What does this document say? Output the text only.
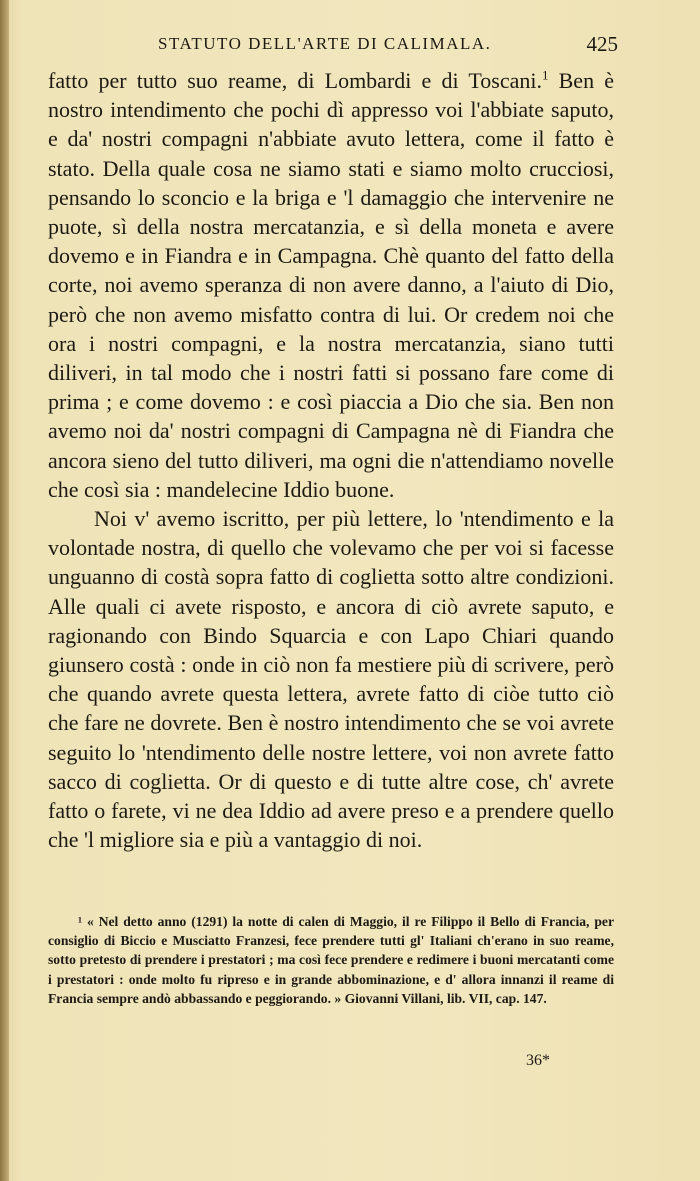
STATUTO DELL'ARTE DI CALIMALA.	425

fatto per tutto suo reame, di Lombardi e di Toscani.$^1$ Ben è nostro intendimento che pochi dì appresso voi l'abbiate saputo, e da' nostri compagni n'abbiate avuto lettera, come il fatto è stato. Della quale cosa ne siamo stati e siamo molto crucciosi, pensando lo sconcio e la briga e 'l damaggio che intervenire ne puote, sì della nostra mercatanzia, e sì della moneta e avere dovemo e in Fiandra e in Campagna. Chè quanto del fatto della corte, noi avemo speranza di non avere danno, a l'aiuto di Dio, però che non avemo misfatto contra di lui. Or credem noi che ora i nostri compagni, e la nostra mercatanzia, siano tutti diliveri, in tal modo che i nostri fatti si possano fare come di prima ; e come dovemo : e così piaccia a Dio che sia. Ben non avemo noi da' nostri compagni di Campagna nè di Fiandra che ancora sieno del tutto diliveri, ma ogni die n'attendiamo novelle che così sia : mandelecine Iddio buone.

Noi v' avemo iscritto, per più lettere, lo 'ntendimento e la volontade nostra, di quello che volevamo che per voi si facesse unguanno di costà sopra fatto di coglietta sotto altre condizioni. Alle quali ci avete risposto, e ancora di ciò avrete saputo, e ragionando con Bindo Squarcia e con Lapo Chiari quando giunsero costà : onde in ciò non fa mestiere più di scrivere, però che quando avrete questa lettera, avrete fatto di ciòe tutto ciò che fare ne dovrete. Ben è nostro intendimento che se voi avrete seguito lo 'ntendimento delle nostre lettere, voi non avrete fatto sacco di coglietta. Or di questo e di tutte altre cose, ch' avrete fatto o farete, vi ne dea Iddio ad avere preso e a prendere quello che 'l migliore sia e più a vantaggio di noi.

¹ « Nel detto anno (1291) la notte di calen di Maggio, il re Filippo il Bello di Francia, per consiglio di Biccio e Musciatto Franzesi, fece prendere tutti gl' Italiani ch'erano in suo reame, sotto pretesto di prendere i prestatori ; ma così fece prendere e redimere i buoni mercatanti come i prestatori : onde molto fu ripreso e in grande abbominazione, e d' allora innanzi il reame di Francia sempre andò abbassando e peggiorando. » Giovanni Villani, lib. VII, cap. 147.
36*
